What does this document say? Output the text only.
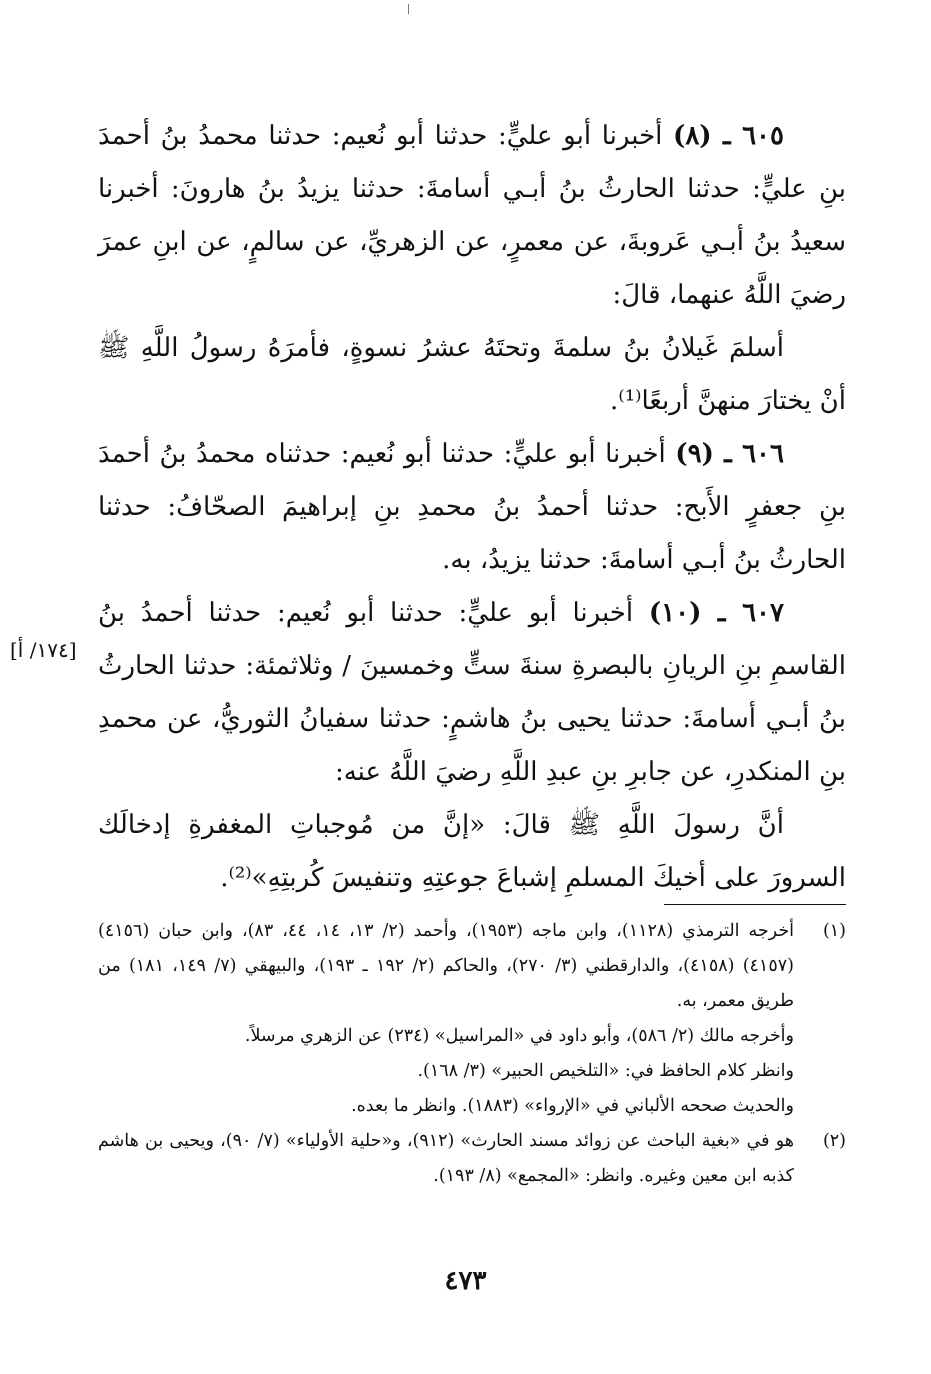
٦٠٥ ـ (٨) أخبرنا أبو عليٍّ: حدثنا أبو نُعيم: حدثنا محمدُ بنُ أحمدَ بنِ عليٍّ: حدثنا الحارثُ بنُ أبـي أسامةَ: حدثنا يزيدُ بنُ هارونَ: أخبرنا سعيدُ بنُ أبـي عَروبةَ، عن معمرٍ، عن الزهريِّ، عن سالمٍ، عن ابنِ عمرَ رضيَ اللَّهُ عنهما، قالَ:

أسلمَ غَيلانُ بنُ سلمةَ وتحتَهُ عشرُ نسوةٍ، فأمرَهُ رسولُ اللَّهِ ﷺ أنْ يختارَ منهنَّ أربعًا⁽¹⁾.

٦٠٦ ـ (٩) أخبرنا أبو عليٍّ: حدثنا أبو نُعيم: حدثناه محمدُ بنُ أحمدَ بنِ جعفرٍ الأَبح: حدثنا أحمدُ بنُ محمدِ بنِ إبراهيمَ الصحّافُ: حدثنا الحارثُ بنُ أبـي أسامةَ: حدثنا يزيدُ، به.

٦٠٧ ـ (١٠) أخبرنا أبو عليٍّ: حدثنا أبو نُعيم: حدثنا أحمدُ بنُ القاسمِ بنِ الريانِ بالبصرةِ سنةَ ستٍّ وخمسينَ / وثلاثمئة: حدثنا الحارثُ بنُ أبـي أسامةَ: حدثنا يحيى بنُ هاشمٍ: حدثنا سفيانُ الثوريُّ، عن محمدِ بنِ المنكدرِ، عن جابرِ بنِ عبدِ اللَّهِ رضيَ اللَّهُ عنه:

أنَّ رسولَ اللَّهِ ﷺ قالَ: «إنَّ من مُوجباتِ المغفرةِ إدخالَك السرورَ على أخيكَ المسلمِ إشباعَ جوعتِهِ وتنفيسَ كُربتِهِ»⁽²⁾.

[١٧٤/ أ]
(١)

أخرجه الترمذي (١١٢٨)، وابن ماجه (١٩٥٣)، وأحمد (٢/ ١٣، ١٤، ٤٤، ٨٣)، وابن حبان (٤١٥٦) (٤١٥٧) (٤١٥٨)، والدارقطني (٣/ ٢٧٠)، والحاكم (٢/ ١٩٢ ـ ١٩٣)، والبيهقي (٧/ ١٤٩، ١٨١) من طريق معمر، به.

وأخرجه مالك (٢/ ٥٨٦)، وأبو داود في «المراسيل» (٢٣٤) عن الزهري مرسلاً.

وانظر كلام الحافظ في: «التلخيص الحبير» (٣/ ١٦٨).

والحديث صححه الألباني في «الإرواء» (١٨٨٣). وانظر ما بعده.

(٢)

هو في «بغية الباحث عن زوائد مسند الحارث» (٩١٢)، و«حلية الأولياء» (٧/ ٩٠)، ويحيى بن هاشم كذبه ابن معين وغيره. وانظر: «المجمع» (٨/ ١٩٣).

٤٧٣
